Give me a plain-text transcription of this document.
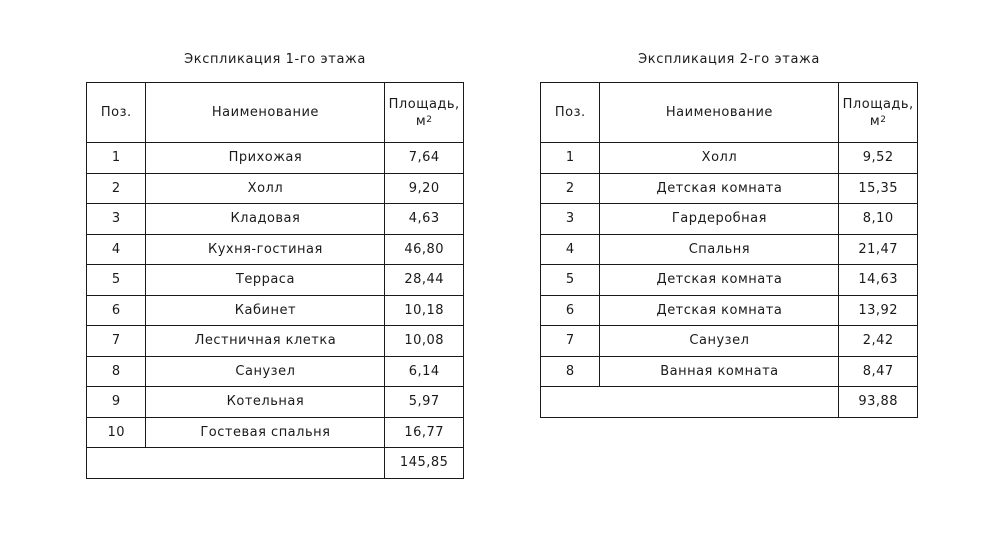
Экспликация 1-го этажа
Поз.	Наименование	Площадь,
$м^2$
1	Прихожая	7,64
2	Холл	9,20
3	Кладовая	4,63
4	Кухня-гостиная	46,80
5	Терраса	28,44
6	Кабинет	10,18
7	Лестничная клетка	10,08
8	Санузел	6,14
9	Котельная	5,97
10	Гостевая спальня	16,77
		145,85
Экспликация 2-го этажа
Поз.	Наименование	Площадь,
$м^2$
1	Холл	9,52
2	Детская комната	15,35
3	Гардеробная	8,10
4	Спальня	21,47
5	Детская комната	14,63
6	Детская комната	13,92
7	Санузел	2,42
8	Ванная комната	8,47
		93,88
